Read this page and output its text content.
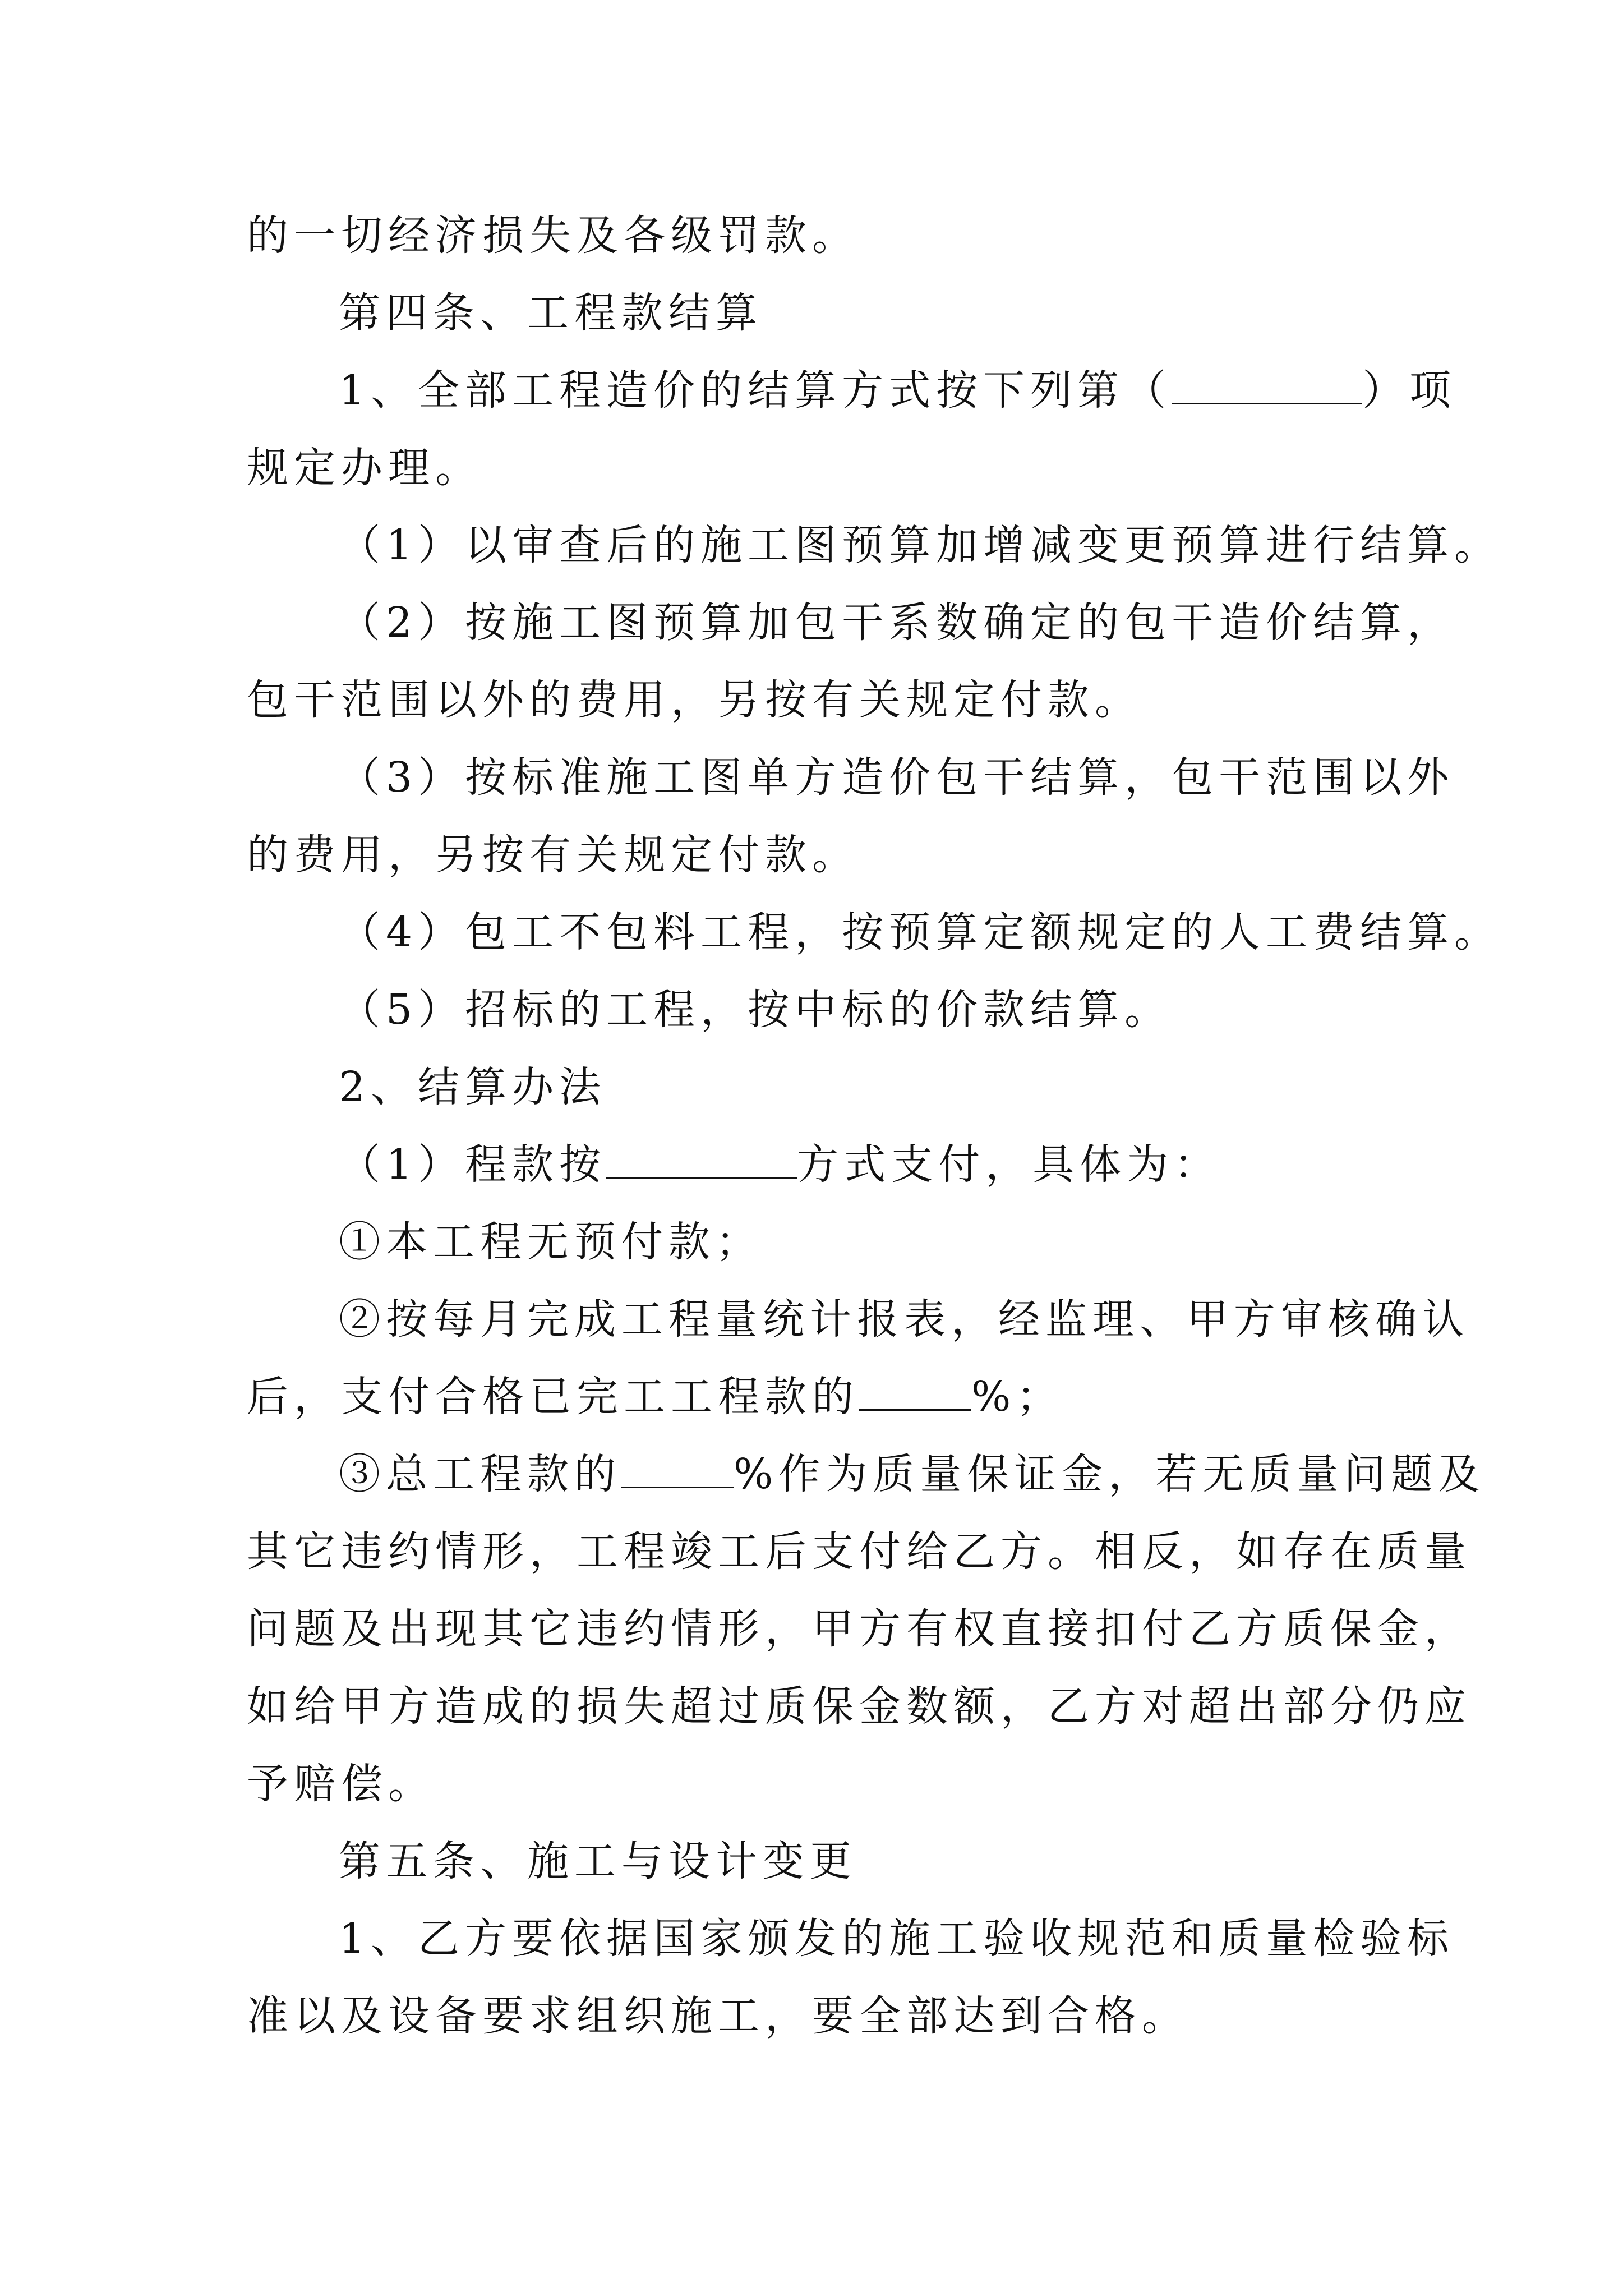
的一切经济损失及各级罚款。
第四条、工程款结算
1、全部工程造价的结算方式按下列第（	）项
规定办理。
（1）以审查后的施工图预算加增减变更预算进行结算。
（2）按施工图预算加包干系数确定的包干造价结算，
包干范围以外的费用，另按有关规定付款。
（3）按标准施工图单方造价包干结算，包干范围以外
的费用，另按有关规定付款。
（4）包工不包料工程，按预算定额规定的人工费结算。
（5）招标的工程，按中标的价款结算。
2、结算办法
（1）程款按	方式支付，具体为：
①本工程无预付款；
②按每月完成工程量统计报表，经监理、甲方审核确认
后，支付合格已完工工程款的	%；
③总工程款的	%作为质量保证金，若无质量问题及
其它违约情形，工程竣工后支付给乙方。相反，如存在质量
问题及出现其它违约情形，甲方有权直接扣付乙方质保金，
如给甲方造成的损失超过质保金数额，乙方对超出部分仍应
予赔偿。
第五条、施工与设计变更
1、乙方要依据国家颁发的施工验收规范和质量检验标
准以及设备要求组织施工，要全部达到合格。
